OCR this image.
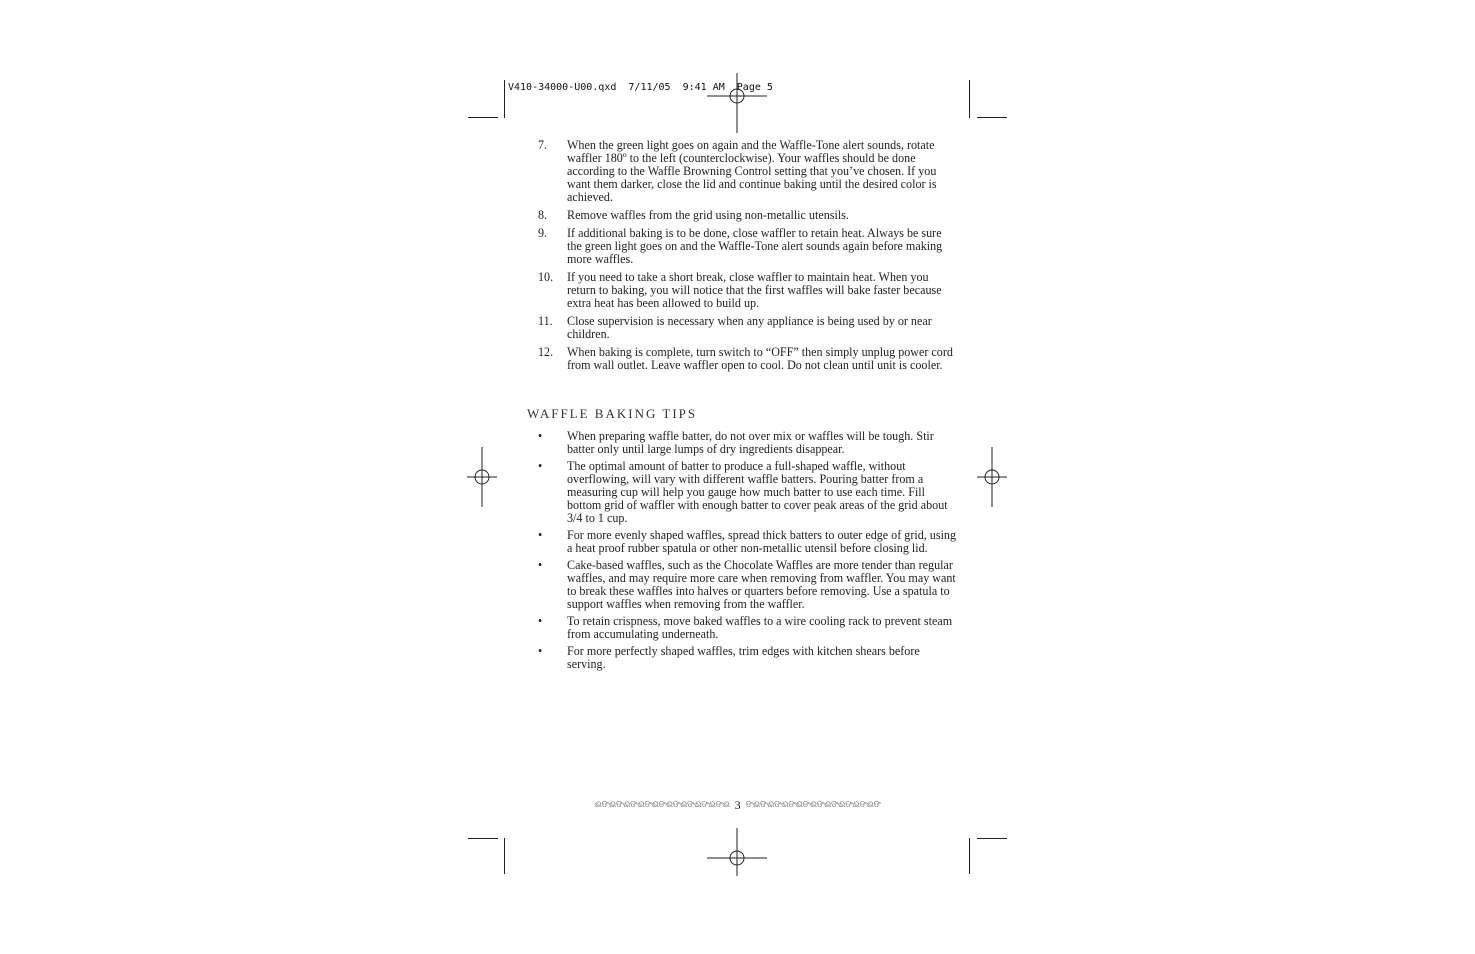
V410-34000-U00.qxd  7/11/05  9:41 AM  Page 5
7.	When the green light goes on again and the Waffle-Tone alert sounds, rotate waffler 180º to the left (counterclockwise). Your waffles should be done according to the Waffle Browning Control setting that you’ve chosen. If you want them darker, close the lid and continue baking until the desired color is achieved.
8.	Remove waffles from the grid using non-metallic utensils.
9.	If additional baking is to be done, close waffler to retain heat. Always be sure the green light goes on and the Waffle-Tone alert sounds again before making more waffles.
10.	If you need to take a short break, close waffler to maintain heat. When you return to baking, you will notice that the first waffles will bake faster because extra heat has been allowed to build up.
11.	Close supervision is necessary when any appliance is being used by or near children.
12.	When baking is complete, turn switch to “OFF” then simply unplug power cord from wall outlet. Leave waffler open to cool. Do not clean until unit is cooler.
WAFFLE BAKING TIPS
•	When preparing waffle batter, do not over mix or waffles will be tough. Stir batter only until large lumps of dry ingredients disappear.
•	The optimal amount of batter to produce a full-shaped waffle, without overflowing, will vary with different waffle batters. Pouring batter from a measuring cup will help you gauge how much batter to use each time. Fill bottom grid of waffler with enough batter to cover peak areas of the grid about 3/4 to 1 cup.
•	For more evenly shaped waffles, spread thick batters to outer edge of grid, using a heat proof rubber spatula or other non-metallic utensil before closing lid.
•	Cake-based waffles, such as the Chocolate Waffles are more tender than regular waffles, and may require more care when removing from waffler. You may want to break these waffles into halves or quarters before removing. Use a spatula to support waffles when removing from the waffler.
•	To retain crispness, move baked waffles to a wire cooling rack to prevent steam from accumulating underneath.
•	For more perfectly shaped waffles, trim edges with kitchen shears before serving.
ଈଙଈଙଈଙଈଙଈଙଈଙଈଙଈଙଈଙଈ 3 ଙଈଙଈଙଈଙଈଙଈଙଈଙଈଙଈଙଈଙ
